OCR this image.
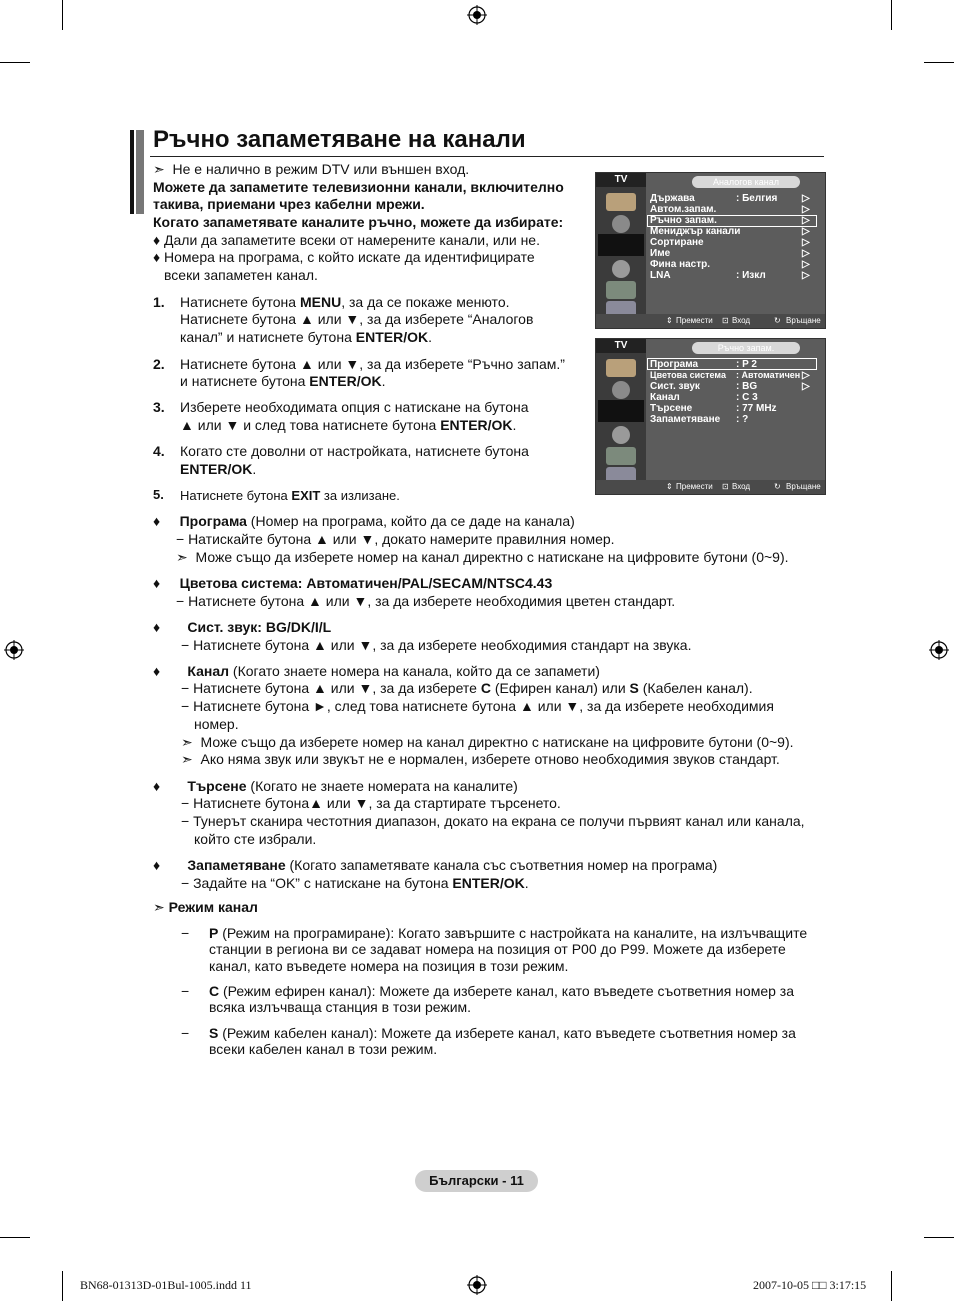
Ръчно запаметяване на канали
➣ Не е налично в режим DTV или външен вход.
Можете да запаметите телевизионни канали, включително
такива, приемани чрез кабелни мрежи.
Когато запаметявате каналите ръчно, можете да избирате:
♦ Дали да запаметите всеки от намерените канали, или не.
♦ Номера на програма, с който искате да идентифицирате
всеки запаметен канал.
1. Натиснете бутона MENU, за да се покаже менюто.
Натиснете бутона ▲ или ▼, за да изберете “Аналогов
канал” и натиснете бутона ENTER/OK.
2. Натиснете бутона ▲ или ▼, за да изберете “Ръчно запам.”
и натиснете бутона ENTER/OK.
3. Изберете необходимата опция с натискане на бутона
▲ или ▼ и след това натиснете бутона ENTER/OK.
4. Когато сте доволни от настройката, натиснете бутона
ENTER/OK.
5. Натиснете бутона EXIT за излизане.
TV	Аналогов канал
Държава	: Белгия ▷
Автом.запам.	▷
Ръчно запам.	▷
Мениджър канали	▷
Сортиране	▷
Име	▷
Фина настр.	▷
LNA	: Изкл	▷
⇕ Премести ⊡ Вход	↻ Връщане
TV	Ръчно запам.
Програма	: P 2
Цветова система : Автоматичен ▷
Сист. звук	: BG	▷
Канал	: C 3
Търсене	: 77 MHz
Запаметяване : ?
⇕ Премести ⊡ Вход	↻ Връщане
♦ Програма (Номер на програма, който да се даде на канала)
− Натискайте бутона ▲ или ▼, докато намерите правилния номер.
➣ Може също да изберете номер на канал директно с натискане на цифровите бутони (0~9).
♦ Цветова система: Автоматичен/PAL/SECAM/NTSC4.43
− Натиснете бутона ▲ или ▼, за да изберете необходимия цветен стандарт.
♦ Сист. звук: BG/DK/I/L
− Натиснете бутона ▲ или ▼, за да изберете необходимия стандарт на звука.
♦ Канал (Когато знаете номера на канала, който да се запамети)
− Натиснете бутона ▲ или ▼, за да изберете C (Ефирен канал) или S (Кабелен канал).
− Натиснете бутона ►, след това натиснете бутона ▲ или ▼, за да изберете необходимия
номер.
➣ Може също да изберете номер на канал директно с натискане на цифровите бутони (0~9).
➣ Ако няма звук или звукът не е нормален, изберете отново необходимия звуков стандарт.
♦ Търсене (Когато не знаете номерата на каналите)
− Натиснете бутона▲ или ▼, за да стартирате търсенето.
− Тунерът сканира честотния диапазон, докато на екрана се получи първият канал или канала,
който сте избрали.
♦ Запаметяване (Когато запаметявате канала със съответния номер на програма)
− Задайте на “OK” с натискане на бутона ENTER/OK.
➣ Режим канал
− P (Режим на програмиране): Когато завършите с настройката на каналите, на излъчващите
станции в региона ви се задават номера на позиция от P00 до P99. Можете да изберете
канал, като въведете номера на позиция в този режим.
− C (Режим ефирен канал): Можете да изберете канал, като въведете съответния номер за
всяка излъчваща станция в този режим.
− S (Режим кабелен канал): Можете да изберете канал, като въведете съответния номер за
всеки кабелен канал в този режим.
Български - 11
BN68-01313D-01Bul-1005.indd 11	2007-10-05 □□ 3:17:15
